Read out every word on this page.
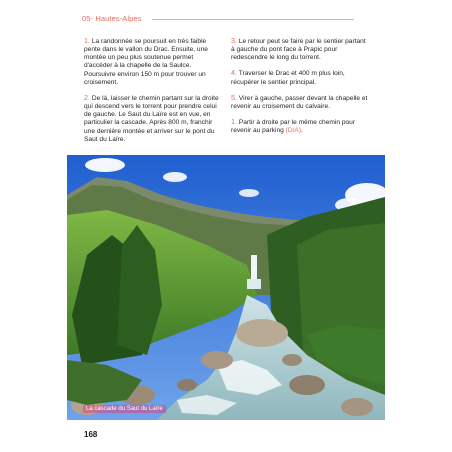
05- Hautes-Alpes

1. La randonnée se poursuit en très faible pente dans le vallon du Drac. Ensuite, une montée un peu plus soutenue permet d'accéder à la chapelle de la Saulce. Poursuivre environ 150 m pour trouver un croisement.

2. De là, laisser le chemin partant sur la droite qui descend vers le torrent pour prendre celui de gauche. Le Saut du Laïre est en vue, en particulier la cascade. Après 800 m, franchir une dernière montée et arriver sur le pont du Saut du Laïre.

3. Le retour peut se faire par le sentier partant à gauche du pont face à Prapic pour redescendre le long du torrent.

4. Traverser le Drac et 400 m plus loin, récupérer le sentier principal.

5. Virer à gauche, passer devant la chapelle et revenir au croisement du calvaire.

1. Partir à droite par le même chemin pour revenir au parking (D/A).

La cascade du Saut du Laïre
168
